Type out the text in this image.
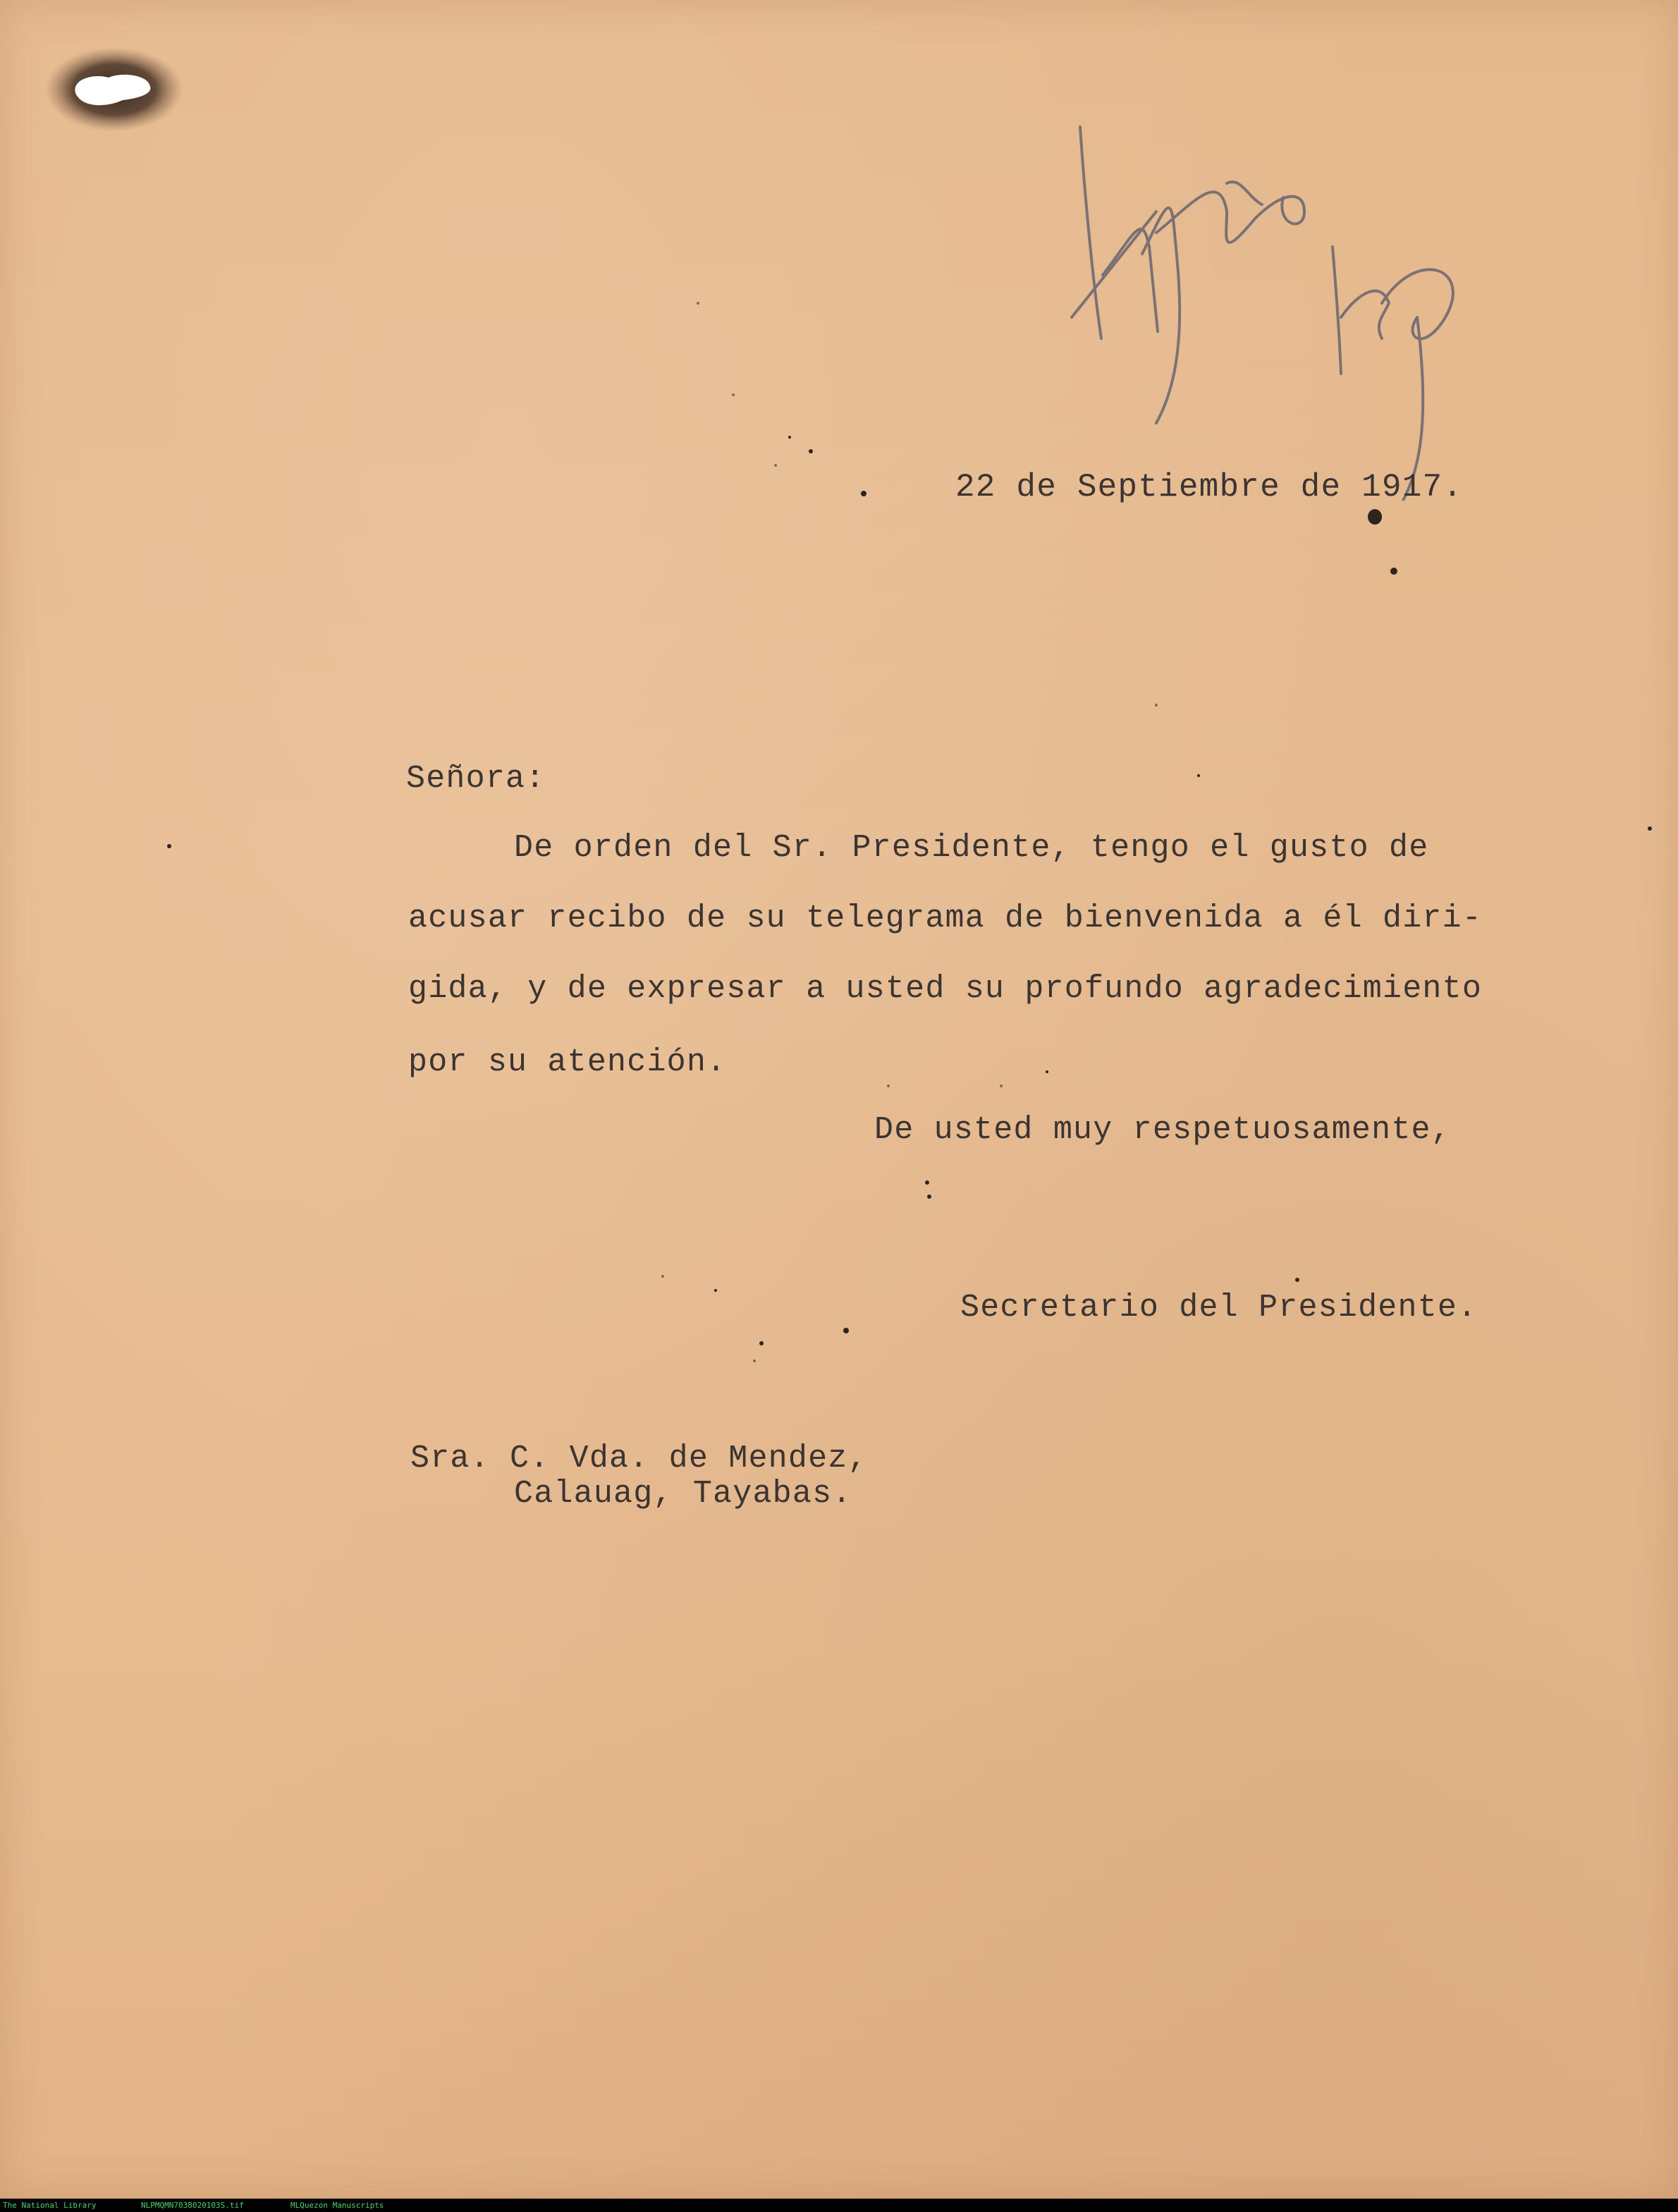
22 de Septiembre de 1917.
Señora:
De orden del Sr. Presidente, tengo el gusto de
acusar recibo de su telegrama de bienvenida a él diri-
gida, y de expresar a usted su profundo agradecimiento
por su atención.
De usted muy respetuosamente,
Secretario del Presidente.
Sra. C. Vda. de Mendez,
Calauag, Tayabas.
The National Library	NLPMQMN7038020103S.tif	MLQuezon Manuscripts
